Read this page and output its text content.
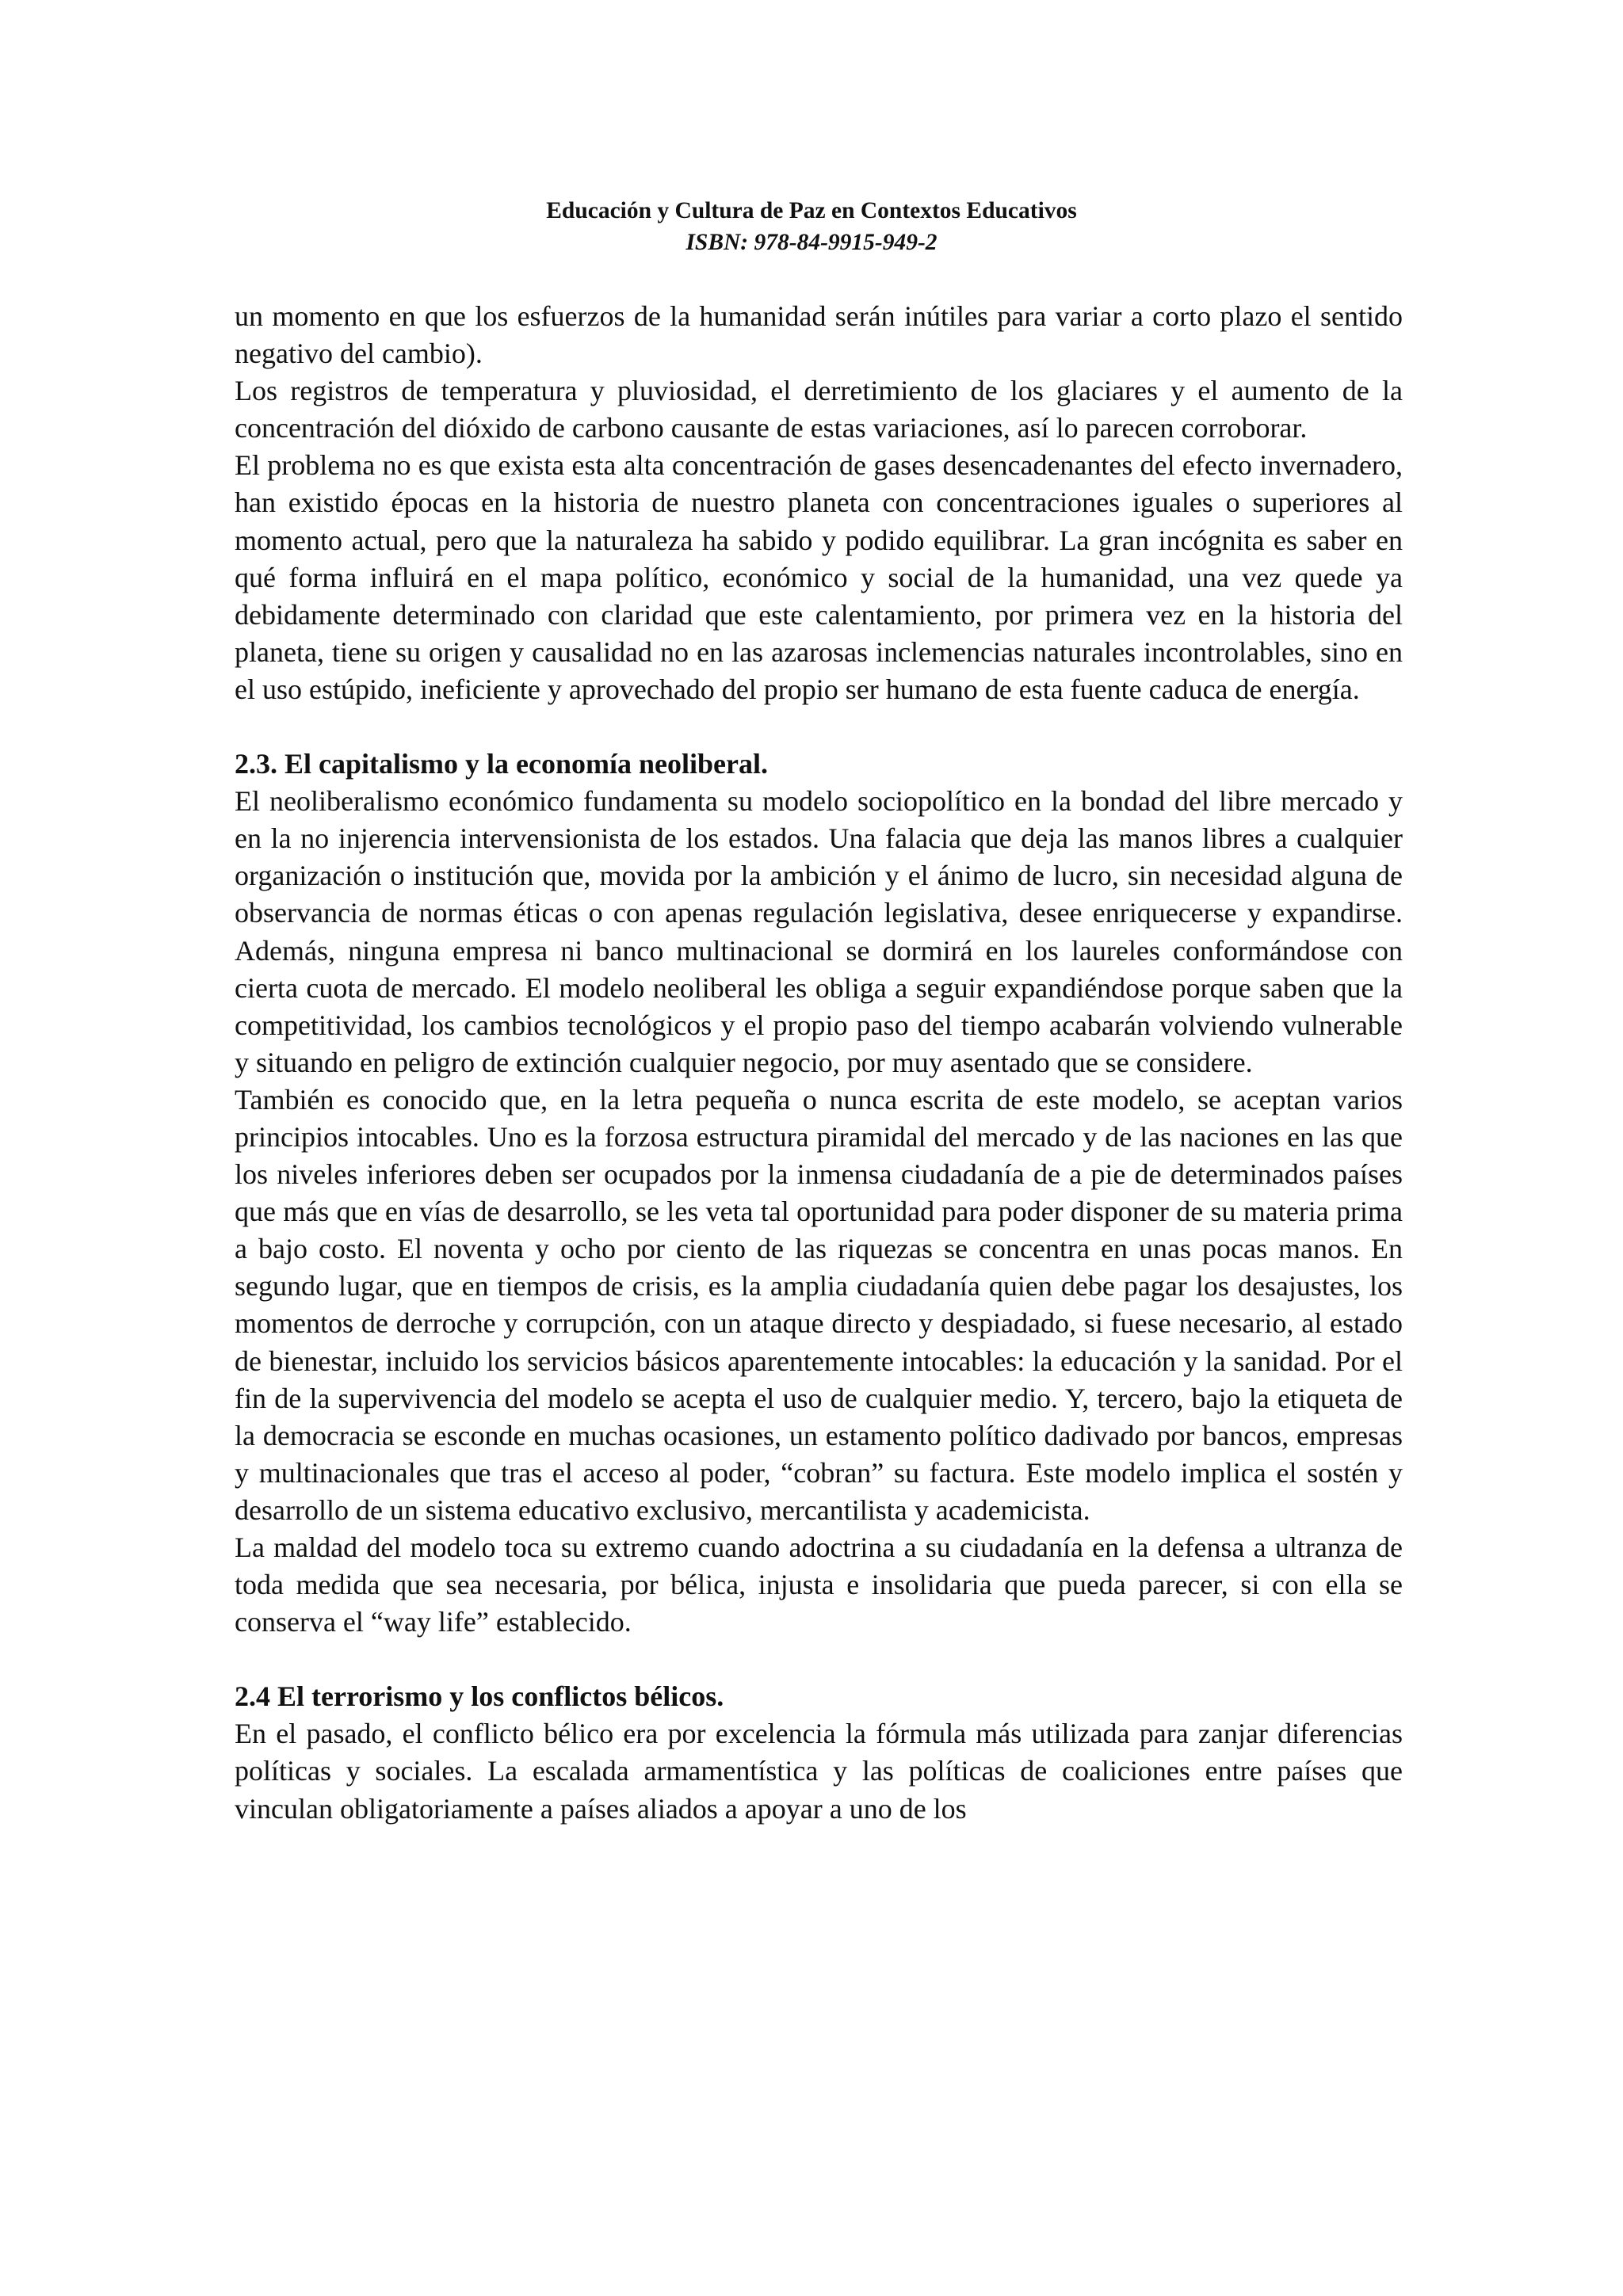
Educación y Cultura de Paz en Contextos Educativos
ISBN: 978-84-9915-949-2

un momento en que los esfuerzos de la humanidad serán inútiles para variar a corto plazo el sentido negativo del cambio).

Los registros de temperatura y pluviosidad, el derretimiento de los glaciares y el aumento de la concentración del dióxido de carbono causante de estas variaciones, así lo parecen corroborar.

El problema no es que exista esta alta concentración de gases desencadenantes del efecto invernadero, han existido épocas en la historia de nuestro planeta con concentraciones iguales o superiores al momento actual, pero que la naturaleza ha sabido y podido equilibrar. La gran incógnita es saber en qué forma influirá en el mapa político, económico y social de la humanidad, una vez quede ya debidamente determinado con claridad que este calentamiento, por primera vez en la historia del planeta, tiene su origen y causalidad no en las azarosas inclemencias naturales incontrolables, sino en el uso estúpido, ineficiente y aprovechado del propio ser humano de esta fuente caduca de energía.

2.3. El capitalismo y la economía neoliberal.

El neoliberalismo económico fundamenta su modelo sociopolítico en la bondad del libre mercado y en la no injerencia intervensionista de los estados. Una falacia que deja las manos libres a cualquier organización o institución que, movida por la ambición y el ánimo de lucro, sin necesidad alguna de observancia de normas éticas o con apenas regulación legislativa, desee enriquecerse y expandirse. Además, ninguna empresa ni banco multinacional se dormirá en los laureles conformándose con cierta cuota de mercado. El modelo neoliberal les obliga a seguir expandiéndose porque saben que la competitividad, los cambios tecnológicos y el propio paso del tiempo acabarán volviendo vulnerable y situando en peligro de extinción cualquier negocio, por muy asentado que se considere.

También es conocido que, en la letra pequeña o nunca escrita de este modelo, se aceptan varios principios intocables. Uno es la forzosa estructura piramidal del mercado y de las naciones en las que los niveles inferiores deben ser ocupados por la inmensa ciudadanía de a pie de determinados países que más que en vías de desarrollo, se les veta tal oportunidad para poder disponer de su materia prima a bajo costo. El noventa y ocho por ciento de las riquezas se concentra en unas pocas manos. En segundo lugar, que en tiempos de crisis, es la amplia ciudadanía quien debe pagar los desajustes, los momentos de derroche y corrupción, con un ataque directo y despiadado, si fuese necesario, al estado de bienestar, incluido los servicios básicos aparentemente intocables: la educación y la sanidad. Por el fin de la supervivencia del modelo se acepta el uso de cualquier medio. Y, tercero, bajo la etiqueta de la democracia se esconde en muchas ocasiones, un estamento político dadivado por bancos, empresas y multinacionales que tras el acceso al poder, “cobran” su factura. Este modelo implica el sostén y desarrollo de un sistema educativo exclusivo, mercantilista y academicista.

La maldad del modelo toca su extremo cuando adoctrina a su ciudadanía en la defensa a ultranza de toda medida que sea necesaria, por bélica, injusta e insolidaria que pueda parecer, si con ella se conserva el “way life” establecido.

2.4 El terrorismo y los conflictos bélicos.

En el pasado, el conflicto bélico era por excelencia la fórmula más utilizada para zanjar diferencias políticas y sociales. La escalada armamentística y las políticas de coaliciones entre países que vinculan obligatoriamente a países aliados a apoyar a uno de los
